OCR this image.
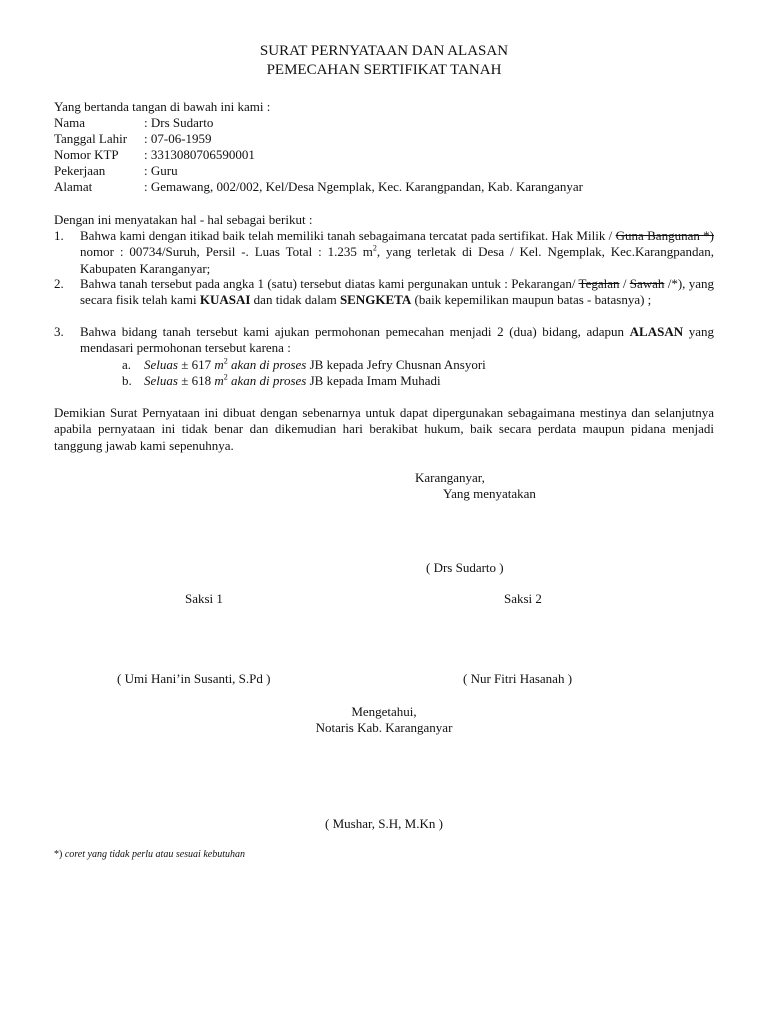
SURAT PERNYATAAN DAN ALASAN
PEMECAHAN SERTIFIKAT TANAH
Yang bertanda tangan di bawah ini kami :
Nama	: Drs Sudarto
Tanggal Lahir : 07-06-1959
Nomor KTP : 3313080706590001
Pekerjaan	: Guru
Alamat	: Gemawang, 002/002, Kel/Desa Ngemplak, Kec. Karangpandan, Kab. Karanganyar
Dengan ini menyatakan hal - hal sebagai berikut :
1. Bahwa kami dengan itikad baik telah memiliki tanah sebagaimana tercatat pada sertifikat. Hak Milik / Guna Bangunan *) nomor : 00734/Suruh, Persil -. Luas Total : 1.235 $m^2$, yang terletak di Desa / Kel. Ngemplak, Kec.Karangpandan, Kabupaten Karanganyar;
2. Bahwa tanah tersebut pada angka 1 (satu) tersebut diatas kami pergunakan untuk : Pekarangan/ Tegalan / Sawah /*), yang secara fisik telah kami KUASAI dan tidak dalam SENGKETA (baik kepemilikan maupun batas - batasnya) ;
3. Bahwa bidang tanah tersebut kami ajukan permohonan pemecahan menjadi 2 (dua) bidang, adapun ALASAN yang mendasari permohonan tersebut karena :
a. Seluas ± 617 $m^2$ akan di proses JB kepada Jefry Chusnan Ansyori
b. Seluas ± 618 $m^2$ akan di proses JB kepada Imam Muhadi
Demikian Surat Pernyataan ini dibuat dengan sebenarnya untuk dapat dipergunakan sebagaimana mestinya dan selanjutnya apabila pernyataan ini tidak benar dan dikemudian hari berakibat hukum, baik secara perdata maupun pidana menjadi tanggung jawab kami sepenuhnya.
Karanganyar,
Yang menyatakan
( Drs Sudarto )
Saksi 1	Saksi 2
( Umi Hani’in Susanti, S.Pd )	( Nur Fitri Hasanah )
Mengetahui,
Notaris Kab. Karanganyar
( Mushar, S.H, M.Kn )
*) coret yang tidak perlu atau sesuai kebutuhan
